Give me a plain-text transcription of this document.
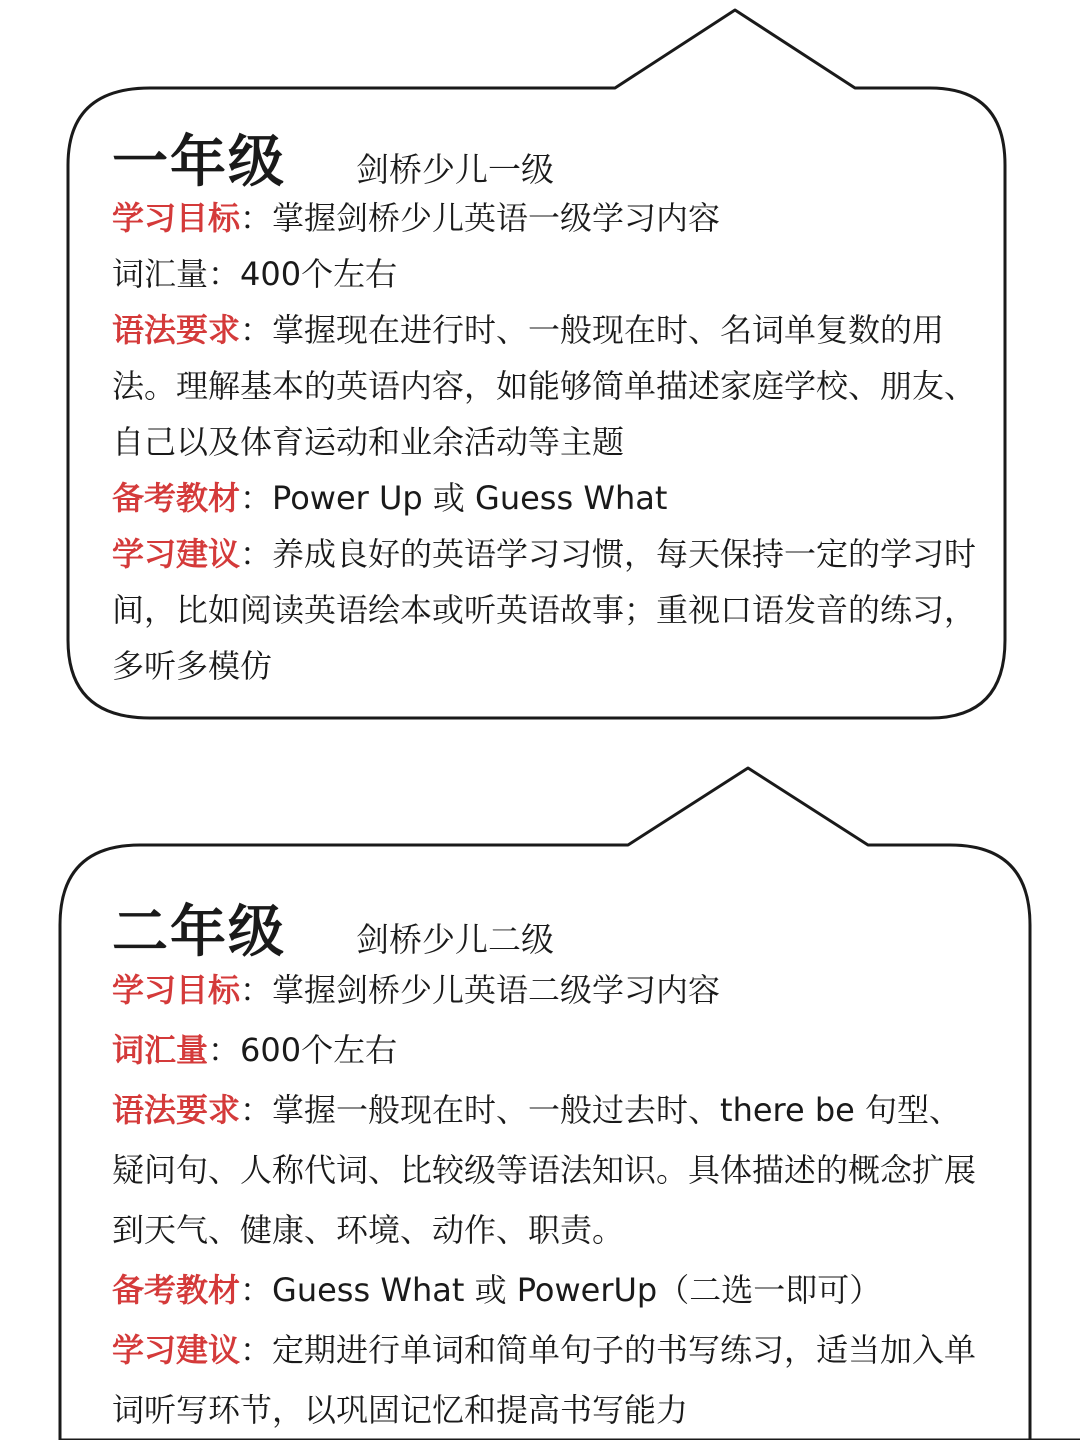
一年级 剑桥少儿一级

学习目标：掌握剑桥少儿英语一级学习内容

词汇量：400个左右

语法要求：掌握现在进行时、一般现在时、名词单复数的用法。理解基本的英语内容，如能够简单描述家庭学校、朋友、自己以及体育运动和业余活动等主题

备考教材：Power Up 或 Guess What

学习建议：养成良好的英语学习习惯，每天保持一定的学习时间，比如阅读英语绘本或听英语故事；重视口语发音的练习，多听多模仿

二年级 剑桥少儿二级

学习目标：掌握剑桥少儿英语二级学习内容

词汇量：600个左右

语法要求：掌握一般现在时、一般过去时、there be 句型、疑问句、人称代词、比较级等语法知识。具体描述的概念扩展到天气、健康、环境、动作、职责。

备考教材：Guess What 或 PowerUp（二选一即可）

学习建议：定期进行单词和简单句子的书写练习，适当加入单词听写环节，以巩固记忆和提高书写能力
